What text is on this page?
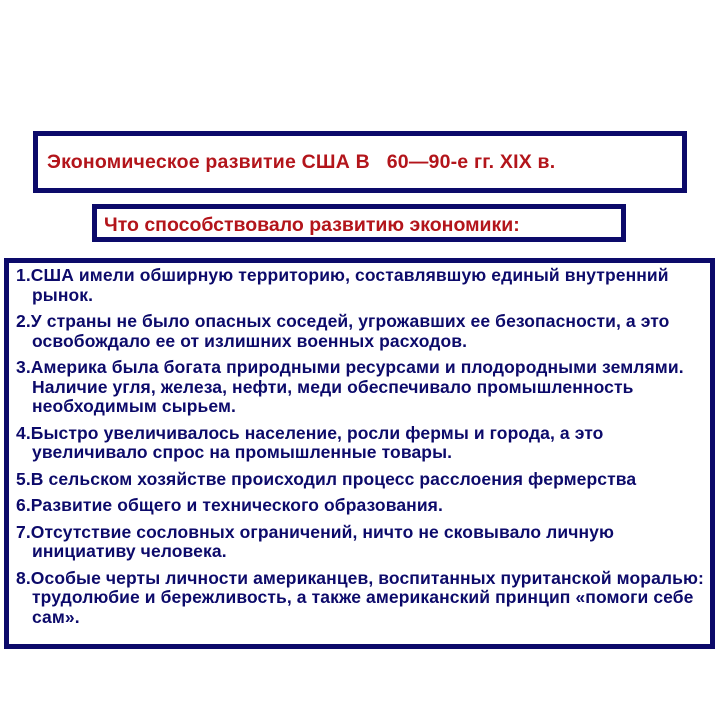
Экономическое развитие США В   60—90-е гг. XIX в.
Что способствовало развитию экономики:
1.США имели обширную территорию, составлявшую единый внутренний рынок.
2.У страны не было опасных соседей, угрожавших ее безопасности, а это освобождало ее от излишних военных расходов.
3.Америка была богата природными ресурсами и плодородными землями. Наличие угля, железа, нефти, меди обеспечивало промышленность необходимым сырьем.
4.Быстро увеличивалось население, росли фермы и города, а это увеличивало спрос на промышленные товары.
5.В сельском хозяйстве происходил процесс расслоения фермерства
6.Развитие общего и технического образования.
7.Отсутствие сословных ограничений, ничто не сковывало личную инициативу человека.
8.Особые черты личности американцев, воспитанных пуританской моралью: трудолюбие и бережливость, а также американский принцип «помоги себе сам».
